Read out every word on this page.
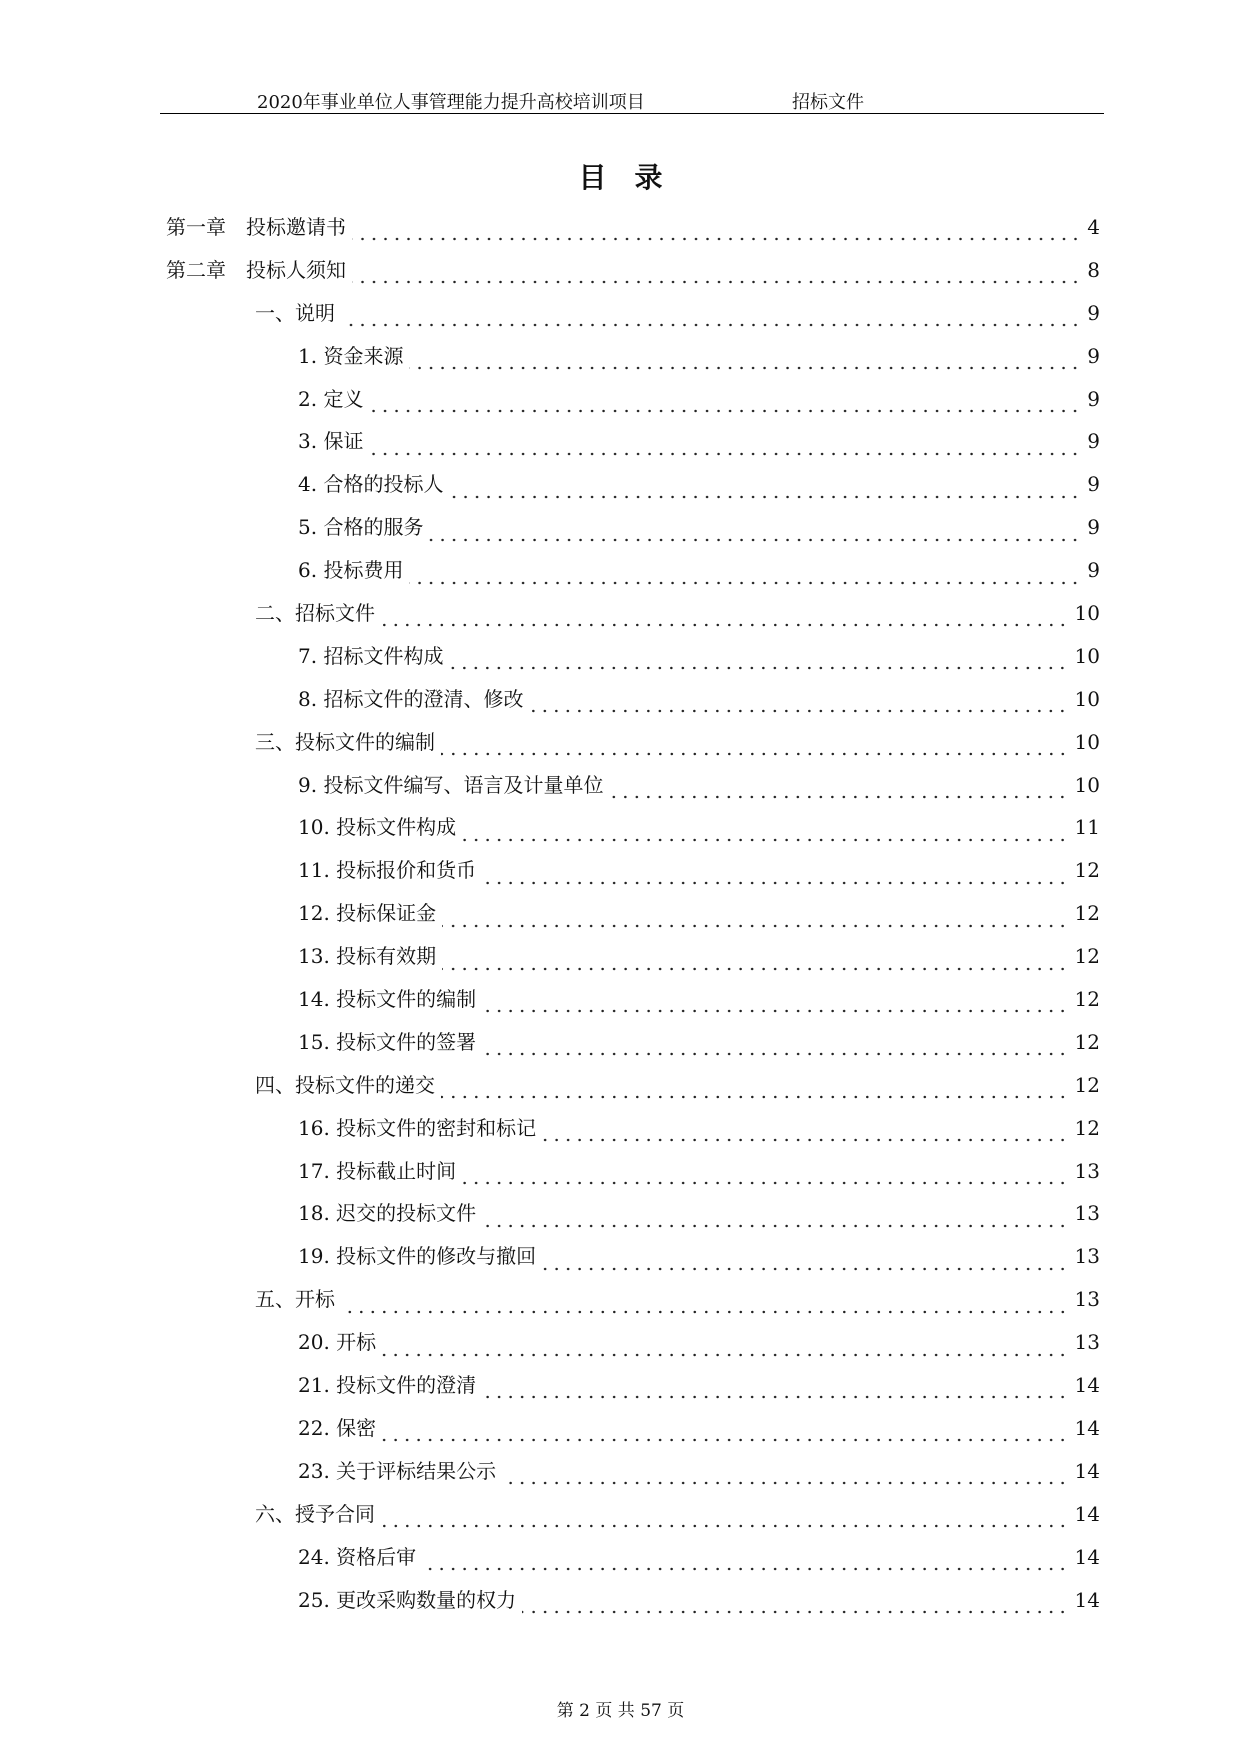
2020年事业单位人事管理能力提升高校培训项目	招标文件
目录
第一章　投标邀请书	4
第二章　投标人须知	8
一、说明	9
1. 资金来源	9
2. 定义	9
3. 保证	9
4. 合格的投标人	9
5. 合格的服务	9
6. 投标费用	9
二、招标文件	10
7. 招标文件构成	10
8. 招标文件的澄清、修改	10
三、投标文件的编制	10
9. 投标文件编写、语言及计量单位	10
10. 投标文件构成	11
11. 投标报价和货币	12
12. 投标保证金	12
13. 投标有效期	12
14. 投标文件的编制	12
15. 投标文件的签署	12
四、投标文件的递交	12
16. 投标文件的密封和标记	12
17. 投标截止时间	13
18. 迟交的投标文件	13
19. 投标文件的修改与撤回	13
五、开标	13
20. 开标	13
21. 投标文件的澄清	14
22. 保密	14
23. 关于评标结果公示	14
六、授予合同	14
24. 资格后审	14
25. 更改采购数量的权力	14
第 2 页 共 57 页
